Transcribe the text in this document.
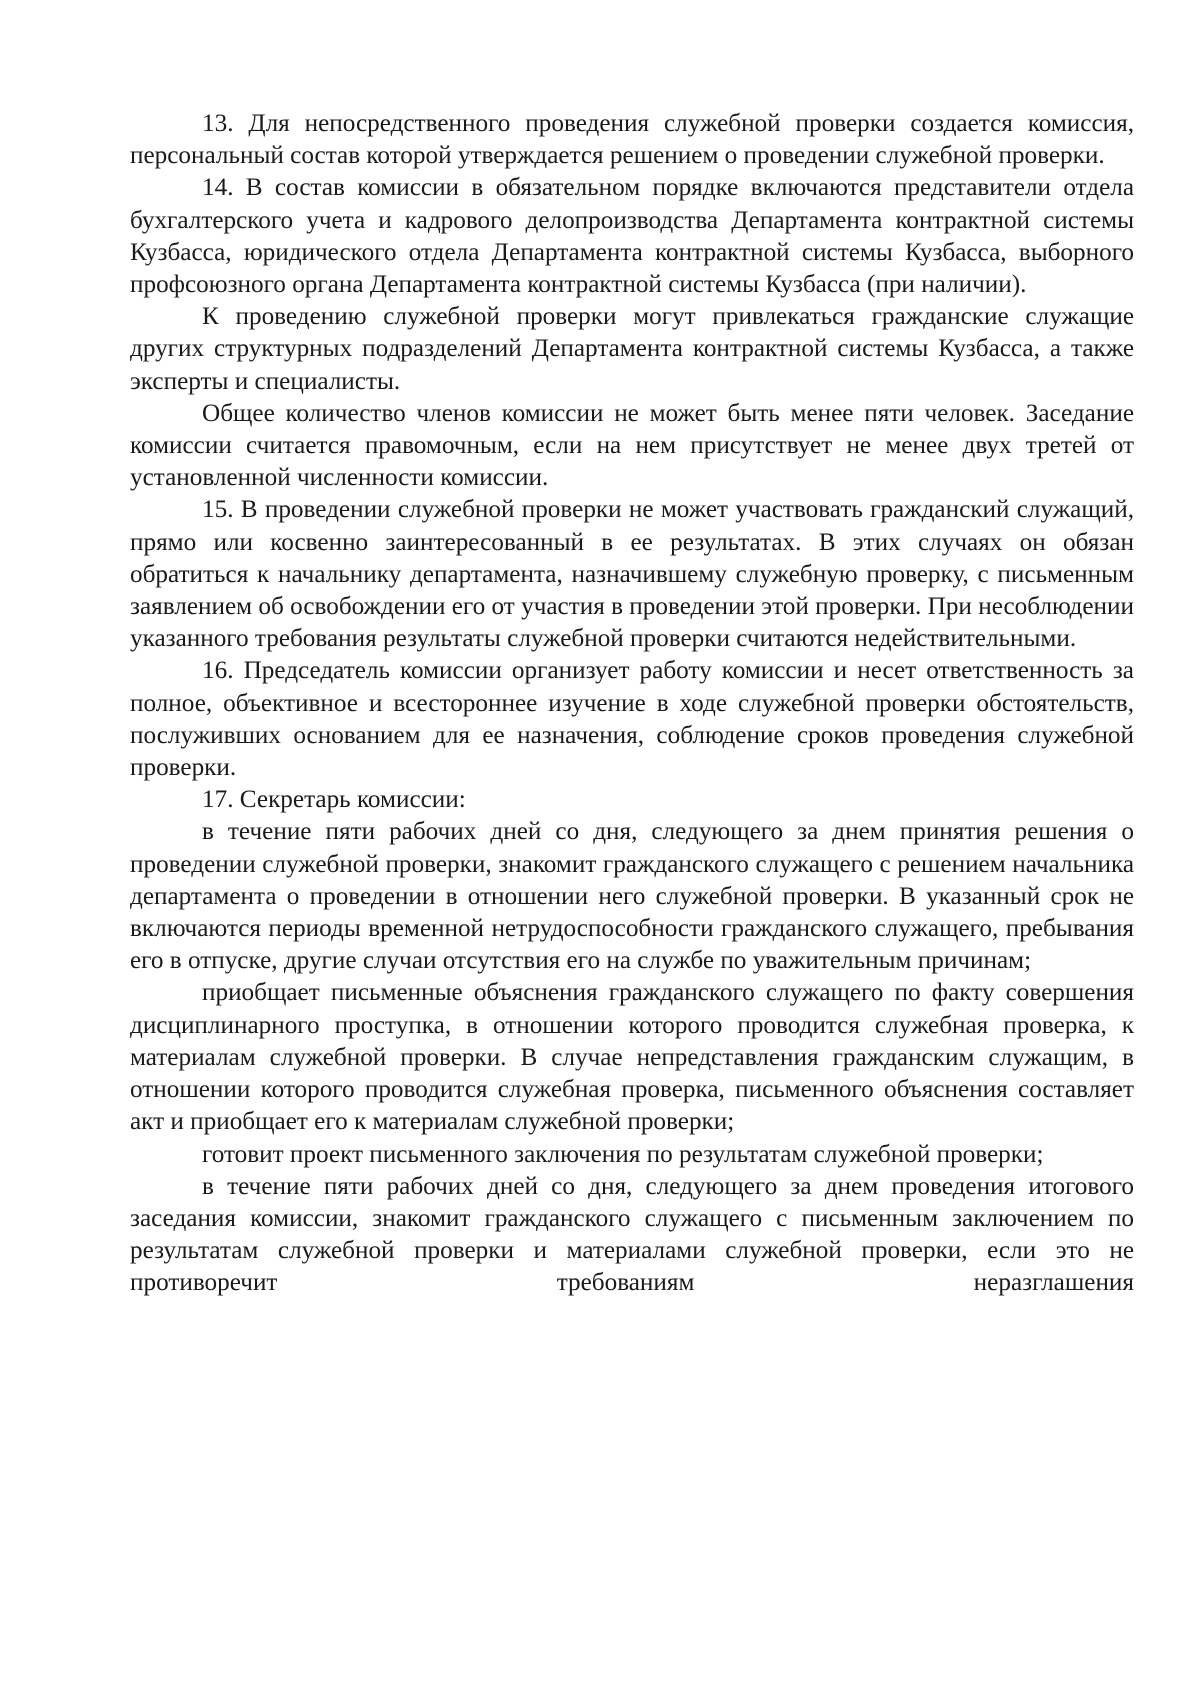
13. Для непосредственного проведения служебной проверки создается комиссия, персональный состав которой утверждается решением о проведении служебной проверки.

14. В состав комиссии в обязательном порядке включаются представители отдела бухгалтерского учета и кадрового делопроизводства Департамента контрактной системы Кузбасса, юридического отдела Департамента контрактной системы Кузбасса, выборного профсоюзного органа Департамента контрактной системы Кузбасса (при наличии).

К проведению служебной проверки могут привлекаться гражданские служащие других структурных подразделений Департамента контрактной системы Кузбасса, а также эксперты и специалисты.

Общее количество членов комиссии не может быть менее пяти человек. Заседание комиссии считается правомочным, если на нем присутствует не менее двух третей от установленной численности комиссии.

15. В проведении служебной проверки не может участвовать гражданский служащий, прямо или косвенно заинтересованный в ее результатах. В этих случаях он обязан обратиться к начальнику департамента, назначившему служебную проверку, с письменным заявлением об освобождении его от участия в проведении этой проверки. При несоблюдении указанного требования результаты служебной проверки считаются недействительными.

16. Председатель комиссии организует работу комиссии и несет ответственность за полное, объективное и всестороннее изучение в ходе служебной проверки обстоятельств, послуживших основанием для ее назначения, соблюдение сроков проведения служебной проверки.

17. Секретарь комиссии:

в течение пяти рабочих дней со дня, следующего за днем принятия решения о проведении служебной проверки, знакомит гражданского служащего с решением начальника департамента о проведении в отношении него служебной проверки. В указанный срок не включаются периоды временной нетрудоспособности гражданского служащего, пребывания его в отпуске, другие случаи отсутствия его на службе по уважительным причинам;

приобщает письменные объяснения гражданского служащего по факту совершения дисциплинарного проступка, в отношении которого проводится служебная проверка, к материалам служебной проверки. В случае непредставления гражданским служащим, в отношении которого проводится служебная проверка, письменного объяснения составляет акт и приобщает его к материалам служебной проверки;

готовит проект письменного заключения по результатам служебной проверки;

в течение пяти рабочих дней со дня, следующего за днем проведения итогового заседания комиссии, знакомит гражданского служащего с письменным заключением по результатам служебной проверки и материалами служебной проверки, если это не противоречит требованиям неразглашения
